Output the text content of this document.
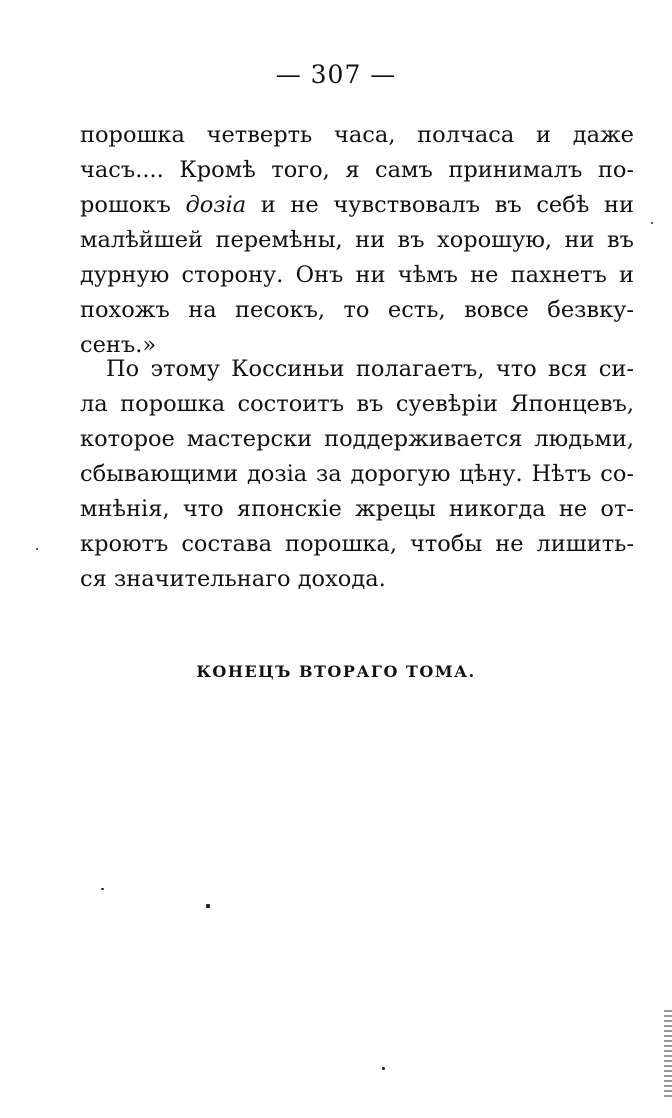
— 307 —
порошка четверть часа, полчаса и даже
часъ.... Кромѣ того, я самъ принималъ по-
рошокъ дозіа и не чувствовалъ въ себѣ ни
малѣйшей перемѣны, ни въ хорошую, ни въ
дурную сторону. Онъ ни чѣмъ не пахнетъ и
похожъ на песокъ, то есть, вовсе безвку-
сенъ.»
По этому Коссиньи полагаетъ, что вся си-
ла порошка состоитъ въ суевѣріи Японцевъ,
которое мастерски поддерживается людьми,
сбывающими дозіа за дорогую цѣну. Нѣтъ со-
мнѣнія, что японскіе жрецы никогда не от-
кроютъ состава порошка, чтобы не лишить-
ся значительнаго дохода.
КОНЕЦЪ ВТОРАГО ТОМА.
